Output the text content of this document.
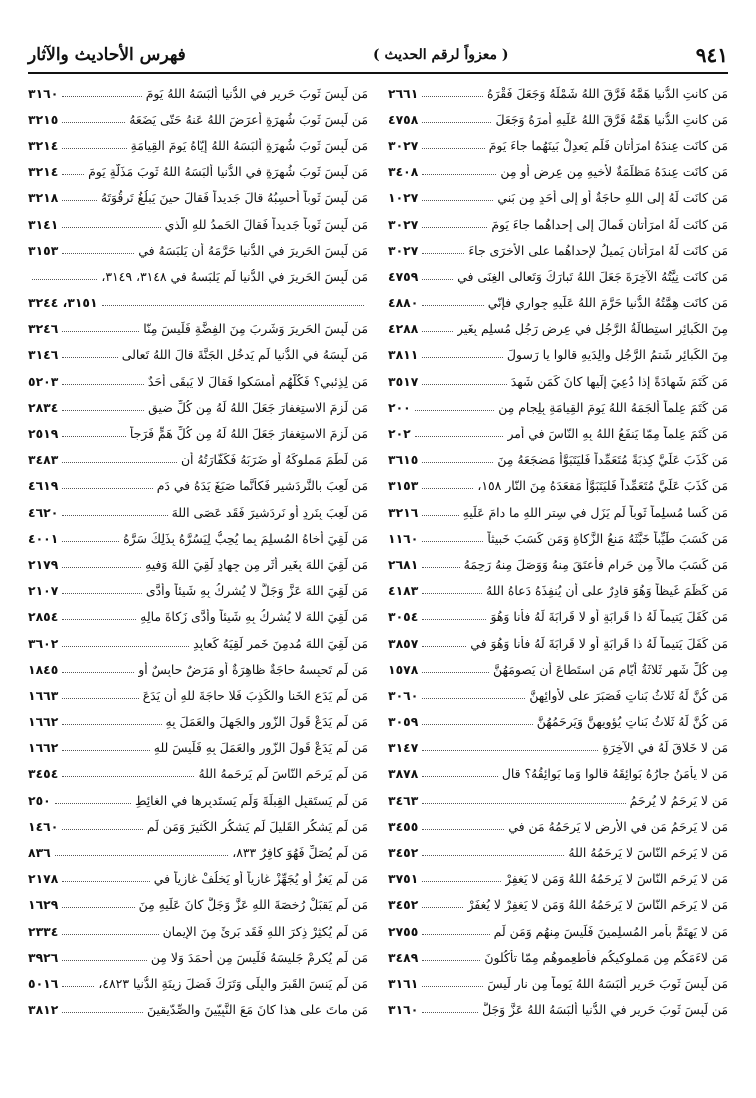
فهرس الأحاديث والآثار	( معزواً لرقم الحديث )	٩٤١
مَن كانتِ الدُّنيا هَمَّهُ فَرَّقَ اللهُ شَمْلَهُ وَجَعَلَ فَقْرَهُ
٢٦٦١
مَن كانتِ الدُّنيا هَمَّهُ فَرَّقَ اللهُ عَلَيهِ أمرَهُ وَجَعَلَ
٤٧٥٨
مَن كانَت عِندَهُ امرَأتانِ فَلَم يَعدِلْ بَينَهُما جاءَ يَومَ
٣٠٢٧
مَن كانَت عِندَهُ مَظلَمَةٌ لأخيهِ مِن عِرضٍ أو مِن
٣٤٠٨
مَن كانَت لَهُ إلى اللهِ حاجَةٌ أو إلى أحَدٍ مِن بَني
١٠٢٧
مَن كانَت لَهُ امرَأتانِ فَمالَ إلى إحداهُما جاءَ يَومَ
٣٠٢٧
مَن كانَت لَهُ امرَأتانِ يَميلُ لإحداهُما على الأُخرَى جاءَ
٣٠٢٧
مَن كانَت نِيَّتُهُ الآخِرَةَ جَعَلَ اللهُ تَبارَكَ وَتَعالى الغِنَى في
٤٧٥٩
مَن كانَت هِمَّتُهُ الدُّنيا حَرَّمَ اللهُ عَلَيهِ جِواري فإنّي
٤٨٨٠
مِنَ الكَبائِرِ استِطالَةُ الرَّجُلِ في عِرضِ رَجُلٍ مُسلِمٍ بِغَيرِ
٤٢٨٨
مِنَ الكَبائِرِ شَتمُ الرَّجُلِ والِدَيهِ قالوا يا رَسولَ
٣٨١١
مَن كَتَمَ شَهادَةً إذا دُعِيَ إلَيها كانَ كَمَن شَهِدَ
٣٥١٧
مَن كَتَمَ عِلماً ألجَمَهُ اللهُ يَومَ القِيامَةِ بِلِجامٍ مِن
٢٠٠
مَن كَتَمَ عِلماً مِمّا يَنفَعُ اللهُ بِهِ النّاسَ في أمرِ
٢٠٢
مَن كَذَبَ عَلَيَّ كِذبَةً مُتَعَمِّداً فَليَتَبَوَّأ مَضجَعَهُ مِنَ
٣٦١٥
مَن كَذَبَ عَلَيَّ مُتَعَمِّداً فَليَتَبَوَّأ مَقعَدَهُ مِنَ النّارِ ١٥٨،
٣١٥٣
مَن كَسا مُسلِماً ثَوباً لَم يَزَل في سِترِ اللهِ ما دامَ عَلَيهِ
٣٢١٦
مَن كَسَبَ طَيِّباً خَبَّثَهُ مَنعُ الزَّكاةِ وَمَن كَسَبَ خَبيثاً
١١٦٠
مَن كَسَبَ مالاً مِن حَرامٍ فأعتَقَ مِنهُ وَوَصَلَ مِنهُ رَحِمَهُ
٢٦٨١
مَن كَظَمَ غَيظاً وَهُوَ قادِرٌ على أن يُنفِذَهُ دَعاهُ اللهُ
٤١٨٣
مَن كَفَلَ يَتيماً لَهُ ذا قَرابَةٍ أو لا قَرابَةَ لَهُ فأنا وَهُوَ
٣٠٥٤
مَن كَفَلَ يَتيماً لَهُ ذا قَرابَةٍ أو لا قَرابَةَ لَهُ فأنا وَهُوَ في
٣٨٥٧
مِن كُلِّ شَهرٍ ثَلاثَةُ أيّامٍ مَنِ استَطاعَ أن يَصومَهُنَّ
١٥٧٨
مَن كُنَّ لَهُ ثَلاثُ بَناتٍ فَصَبَرَ على لأوائِهِنَّ
٣٠٦٠
مَن كُنَّ لَهُ ثَلاثُ بَناتٍ يُؤويهِنَّ وَيَرحَمُهُنَّ
٣٠٥٩
مَن لا خَلاقَ لَهُ في الآخِرَةِ
٣١٤٧
مَن لا يأمَنُ جارُهُ بَوائِقَهُ قالوا وَما بَوائِقُهُ؟ قال
٣٨٧٨
مَن لا يَرحَمُ لا يُرحَمُ
٣٤٦٣
مَن لا يَرحَمُ مَن في الأرضِ لا يَرحَمُهُ مَن في
٣٤٥٥
مَن لا يَرحَمِ النّاسَ لا يَرحَمُهُ اللهُ
٣٤٥٢
مَن لا يَرحَمِ النّاسَ لا يَرحَمُهُ اللهُ وَمَن لا يَغفِرْ
٣٧٥١
مَن لا يَرحَمِ النّاسَ لا يَرحَمُهُ اللهُ وَمَن لا يَغفِرْ لا يُغفَرْ
٣٤٥٢
مَن لا يَهتَمَّ بأمرِ المُسلِمينَ فَلَيسَ مِنهُم وَمَن لَم
٢٧٥٥
مَن لاءَمَكُم مِن مَملوكيكُم فأطعِموهُم مِمّا تأكُلونَ
٣٤٨٩
مَن لَبِسَ ثَوبَ حَريرٍ ألبَسَهُ اللهُ يَوماً مِن نارٍ لَيسَ
٣١٦١
مَن لَبِسَ ثَوبَ حَريرٍ في الدُّنيا ألبَسَهُ اللهُ عَزَّ وَجَلَّ
٣١٦٠
مَن لَبِسَ ثَوبَ حَريرٍ في الدُّنيا ألبَسَهُ اللهُ يَومَ
٣١٦٠
مَن لَبِسَ ثَوبَ شُهرَةٍ أعرَضَ اللهُ عَنهُ حَتّى يَضَعَهُ
٣٢١٥
مَن لَبِسَ ثَوبَ شُهرَةٍ ألبَسَهُ اللهُ إيّاهُ يَومَ القِيامَةِ
٣٢١٤
مَن لَبِسَ ثَوبَ شُهرَةٍ في الدُّنيا ألبَسَهُ اللهُ ثَوبَ مَذَلَّةٍ يَومَ
٣٢١٤
مَن لَبِسَ ثَوباً أحسِبُهُ قالَ جَديداً فَقالَ حينَ يَبلُغُ تَرقُوَتَهُ
٣٢١٨
مَن لَبِسَ ثَوباً جَديداً فَقالَ الحَمدُ للهِ الّذي
٣١٤١
مَن لَبِسَ الحَريرَ في الدُّنيا حَرَّمَهُ أن يَلبَسَهُ في
٣١٥٣
مَن لَبِسَ الحَريرَ في الدُّنيا لَم يَلبَسهُ في ٣١٤٨، ٣١٤٩،
٣١٥١، ٣٢٤٤
مَن لَبِسَ الحَريرَ وَشَرِبَ مِنَ الفِضَّةِ فَلَيسَ مِنّا
٣٢٤٦
مَن لَبِسَهُ في الدُّنيا لَم يَدخُلِ الجَنَّةَ قالَ اللهُ تَعالى
٣١٤٦
مَن لِذِئبي؟ فَكُلُّهُم أمسَكوا فَقالَ لا يَبقَى أحَدٌ
٥٢٠٣
مَن لَزِمَ الاستِغفارَ جَعَلَ اللهُ لَهُ مِن كُلِّ ضيقٍ
٢٨٣٤
مَن لَزِمَ الاستِغفارَ جَعَلَ اللهُ لَهُ مِن كُلِّ هَمٍّ فَرَجاً
٢٥١٩
مَن لَطَمَ مَملوكَهُ أو ضَرَبَهُ فَكَفّارَتُهُ أن
٣٤٨٣
مَن لَعِبَ بالنَّردَشيرِ فَكأنَّما صَبَغَ يَدَهُ في دَمٍ
٤٦١٩
مَن لَعِبَ بِنَردٍ أو نَردَشيرَ فَقَد عَصَى اللهَ
٤٦٢٠
مَن لَقِيَ أخاهُ المُسلِمَ بِما يُحِبُّ لِيَسُرَّهُ بِذَلِكَ سَرَّهُ
٤٠٠١
مَن لَقِيَ اللهَ بِغَيرِ أثَرٍ مِن جِهادٍ لَقِيَ اللهَ وَفيهِ
٢١٧٩
مَن لَقِيَ اللهَ عَزَّ وَجَلَّ لا يُشرِكُ بِهِ شَيئاً وأدَّى
٢١٠٧
مَن لَقِيَ اللهَ لا يُشرِكُ بِهِ شَيئاً وأدَّى زَكاةَ مالِهِ
٢٨٥٤
مَن لَقِيَ اللهَ مُدمِنَ خَمرٍ لَقِيَهُ كَعابِدِ
٣٦٠٢
مَن لَم تَحبِسهُ حاجَةٌ ظاهِرَةٌ أو مَرَضٌ حابِسٌ أو
١٨٤٥
مَن لَم يَدَعِ الخَنا والكَذِبَ فَلا حاجَةَ للهِ أن يَدَعَ
١٦٦٣
مَن لَم يَدَعْ قَولَ الزّورِ والجَهلَ والعَمَلَ بِهِ
١٦٦٢
مَن لَم يَدَعْ قَولَ الزّورِ والعَمَلَ بِهِ فَلَيسَ للهِ
١٦٦٢
مَن لَم يَرحَمِ النّاسَ لَم يَرحَمهُ اللهُ
٣٤٥٤
مَن لَم يَستَقبِلِ القِبلَةَ وَلَم يَستَدبِرها في الغائِطِ
٢٥٠
مَن لَم يَشكُرِ القَليلَ لَم يَشكُرِ الكَثيرَ وَمَن لَم
١٤٦٠
مَن لَم يُصَلِّ فَهُوَ كافِرٌ ٨٣٣،
٨٣٦
مَن لَم يَغزُ أو يُجَهِّزْ غازياً أو يَخلُفْ غازياً في
٢١٧٨
مَن لَم يَقبَلْ رُخصَةَ اللهِ عَزَّ وَجَلَّ كانَ عَلَيهِ مِنَ
١٦٢٩
مَن لَم يُكثِرْ ذِكرَ اللهِ فَقَد بَرِئَ مِنَ الإيمانِ
٢٣٣٤
مَن لَم يُكرِمْ جَليسَهُ فَلَيسَ مِن أحمَدَ وَلا مِن
٣٩٢٦
مَن لَم يَنسَ القَبرَ والبِلَى وَتَرَكَ فَضلَ زينَةِ الدُّنيا ٤٨٢٣،
٥٠١٦
مَن ماتَ على هذا كانَ مَعَ النَّبِيّينَ والصِّدّيقينَ
٣٨١٢
